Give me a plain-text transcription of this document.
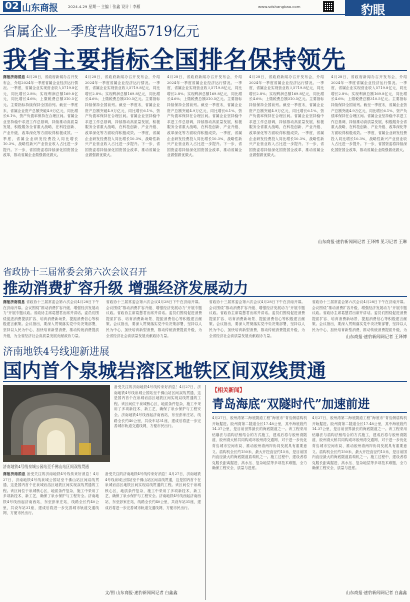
02 山东商报	2024.4.29 星期一 主编｜张鑫 设计｜李雁	www.sdshangbao.com	豹眼
省属企业一季度营收超5719亿元
我省主要指标全国排名保持领先
商报济南消息 4月28日，省政府新闻办召开发布会，介绍2024年一季度省属企业经济运行情况。一季度，省属企业实现营业收入5719.8亿元，同比增长2.8%；实现利润总额169.8亿元，同比增长4.6%；上缴税费总额310.5亿元。主要指标持续保持全国前列。截至一季度末，省属企业资产总额突破4.9万亿元，同比增长6.1%，资产负债率保持在合理区间。省属企业坚持稳中求进工作总基调，持续推动高质量发展，积极服务全省重大战略，在科技创新、产业升级、改革深化等方面取得积极成效。一季度，省属企业研发经费投入同比增长10.3%，战略性新兴产业营业收入占比进一步提升。下一步，省国资委将持续深化国资国企改革，推动省属企业做强做优做大。
4月28日，省政府新闻办召开发布会，介绍2024年一季度省属企业经济运行情况。一季度，省属企业实现营业收入5719.8亿元，同比增长2.8%；实现利润总额169.8亿元，同比增长4.6%；上缴税费总额310.5亿元。主要指标持续保持全国前列。截至一季度末，省属企业资产总额突破4.9万亿元，同比增长6.1%，资产负债率保持在合理区间。省属企业坚持稳中求进工作总基调，持续推动高质量发展，积极服务全省重大战略，在科技创新、产业升级、改革深化等方面取得积极成效。一季度，省属企业研发经费投入同比增长10.3%，战略性新兴产业营业收入占比进一步提升。下一步，省国资委将持续深化国资国企改革，推动省属企业做强做优做大。
4月28日，省政府新闻办召开发布会，介绍2024年一季度省属企业经济运行情况。一季度，省属企业实现营业收入5719.8亿元，同比增长2.8%；实现利润总额169.8亿元，同比增长4.6%；上缴税费总额310.5亿元。主要指标持续保持全国前列。截至一季度末，省属企业资产总额突破4.9万亿元，同比增长6.1%，资产负债率保持在合理区间。省属企业坚持稳中求进工作总基调，持续推动高质量发展，积极服务全省重大战略，在科技创新、产业升级、改革深化等方面取得积极成效。一季度，省属企业研发经费投入同比增长10.3%，战略性新兴产业营业收入占比进一步提升。下一步，省国资委将持续深化国资国企改革，推动省属企业做强做优做大。
4月28日，省政府新闻办召开发布会，介绍2024年一季度省属企业经济运行情况。一季度，省属企业实现营业收入5719.8亿元，同比增长2.8%；实现利润总额169.8亿元，同比增长4.6%；上缴税费总额310.5亿元。主要指标持续保持全国前列。截至一季度末，省属企业资产总额突破4.9万亿元，同比增长6.1%，资产负债率保持在合理区间。省属企业坚持稳中求进工作总基调，持续推动高质量发展，积极服务全省重大战略，在科技创新、产业升级、改革深化等方面取得积极成效。一季度，省属企业研发经费投入同比增长10.3%，战略性新兴产业营业收入占比进一步提升。下一步，省国资委将持续深化国资国企改革，推动省属企业做强做优做大。
4月28日，省政府新闻办召开发布会，介绍2024年一季度省属企业经济运行情况。一季度，省属企业实现营业收入5719.8亿元，同比增长2.8%；实现利润总额169.8亿元，同比增长4.6%；上缴税费总额310.5亿元。主要指标持续保持全国前列。截至一季度末，省属企业资产总额突破4.9万亿元，同比增长6.1%，资产负债率保持在合理区间。省属企业坚持稳中求进工作总基调，持续推动高质量发展，积极服务全省重大战略，在科技创新、产业升级、改革深化等方面取得积极成效。一季度，省属企业研发经费投入同比增长10.3%，战略性新兴产业营业收入占比进一步提升。下一步，省国资委将持续深化国资国企改革，推动省属企业做强做优做大。
山东商报·速豹新闻网记者 王译博 见习记者 王琳
省政协十三届常委会第六次会议召开
推动消费扩容升级 增强经济发展动力
商报济南消息 省政协十三届常委会第六次会议4月28日下午在济南开幕。会议围绕“推动消费扩容升级、增强经济发展动力”开展专题议政。省政协主席葛慧君出席并讲话。委员们围绕促进消费提质扩容、培育消费新场景、提振消费信心等积极建言献策。会议指出，要深入贯彻落实党中央决策部署，坚持以人民为中心，加快培育新型消费，推动传统消费提质升级，为全省经济社会高质量发展贡献政协力量。
省政协十三届常委会第六次会议4月28日下午在济南开幕。会议围绕“推动消费扩容升级、增强经济发展动力”开展专题议政。省政协主席葛慧君出席并讲话。委员们围绕促进消费提质扩容、培育消费新场景、提振消费信心等积极建言献策。会议指出，要深入贯彻落实党中央决策部署，坚持以人民为中心，加快培育新型消费，推动传统消费提质升级，为全省经济社会高质量发展贡献政协力量。
省政协十三届常委会第六次会议4月28日下午在济南开幕。会议围绕“推动消费扩容升级、增强经济发展动力”开展专题议政。省政协主席葛慧君出席并讲话。委员们围绕促进消费提质扩容、培育消费新场景、提振消费信心等积极建言献策。会议指出，要深入贯彻落实党中央决策部署，坚持以人民为中心，加快培育新型消费，推动传统消费提质升级，为全省经济社会高质量发展贡献政协力量。
省政协十三届常委会第六次会议4月28日下午在济南开幕。会议围绕“推动消费扩容升级、增强经济发展动力”开展专题议政。省政协主席葛慧君出席并讲话。委员们围绕促进消费提质扩容、培育消费新场景、提振消费信心等积极建言献策。会议指出，要深入贯彻落实党中央决策部署，坚持以人民为中心，加快培育新型消费，推动传统消费提质升级，为
山东商报·速豹新闻网记者 王译博
济南地铁4号线迎新进展
国内首个泉城岩溶区地铁区间双线贯通
济南地铁4号线泉城公园站至千佛山站区间双线贯通
商报济南消息 备受关注的济南地铁4号线传来好消息！4月27日，济南地铁4号线泉城公园站至千佛山站区间双线贯通，这是国内首个在泉城岩溶区地铁区间实现双线贯通的工程。该区间位于泉城核心区，地质条件复杂，施工中采用了多项新技术、新工艺，确保了泉水保护与工程安全。济南地铁4号线西起济南西站，东至彭家庄站，线路全长约40公里，共设车站31座，建成后将进一步完善城市轨道交通线网，方便市民出行。
备受关注的济南地铁4号线传来好消息！4月27日，济南地铁4号线泉城公园站至千佛山站区间双线贯通，这是国内首个在泉城岩溶区地铁区间实现双线贯通的工程。该区间位于泉城核心区，地质条件复杂，施工中采用了多项新技术、新工艺，确保了泉水保护与工程安全。济南地铁4号线西起济南西站，东至彭家庄站，线路全长约40公里，共设车站31座，建成后将进一步完善城市轨道交通线网，方便市民出行。
备受关注的济南地铁4号线传来好消息！4月27日，济南地铁4号线泉城公园站至千佛山站区间双线贯通，这是国内首个在泉城岩溶区地铁区间实现双线贯通的工程。该区间位于泉城核心区，地质条件复杂，施工中采用了多项新技术、新工艺，确保了泉水保护与工程安全。济南地铁4号线西起济南西站，东至彭家庄站，线路全长约40公里，共设车站31座，建成后将进一步完善城市轨道交通线网，方便市民出行。
文/图 山东商报·速豹新闻网记者 白鑫鑫
【相关新闻】
青岛海底“双隧时代”加速前进
4月27日，胶州湾第二海底隧道工程“海底市”青岛侧盾构机开始掘进。胶州湾第二隧道全长17.48公里，其中海底段约14.37公里，是目前世界最长的海底隧道之一。该工程采用钻爆法与盾构法相结合的方式施工，建成后将与胶州湾隧道、胶州湾大桥共同构成环胶州湾交通网，对于进一步优化青岛城市空间布局、推动胶州湾两岸协同发展具有重要意义。盾构机全长约150米，最大开挖直径约15米，是目前国内直径最大的海底隧道盾构机之一。施工过程中，建设者将克服长距离掘进、高水压、复杂地层等多项技术难题，全力确保工程安全、质量与进度。
4月27日，胶州湾第二海底隧道工程“海底市”青岛侧盾构机开始掘进。胶州湾第二隧道全长17.48公里，其中海底段约14.37公里，是目前世界最长的海底隧道之一。该工程采用钻爆法与盾构法相结合的方式施工，建成后将与胶州湾隧道、胶州湾大桥共同构成环胶州湾交通网，对于进一步优化青岛城市空间布局、推动胶州湾两岸协同发展具有重要意义。盾构机全长约150米，最大开挖直径约15米，是目前国内直径最大的海底隧道盾构机之一。施工过程中，建设者将克服长距离掘进、高水压、复杂地层等多项技术难题，全力确保工程安全、质量与进度。
山东商报·速豹新闻网记者 白鑫鑫
